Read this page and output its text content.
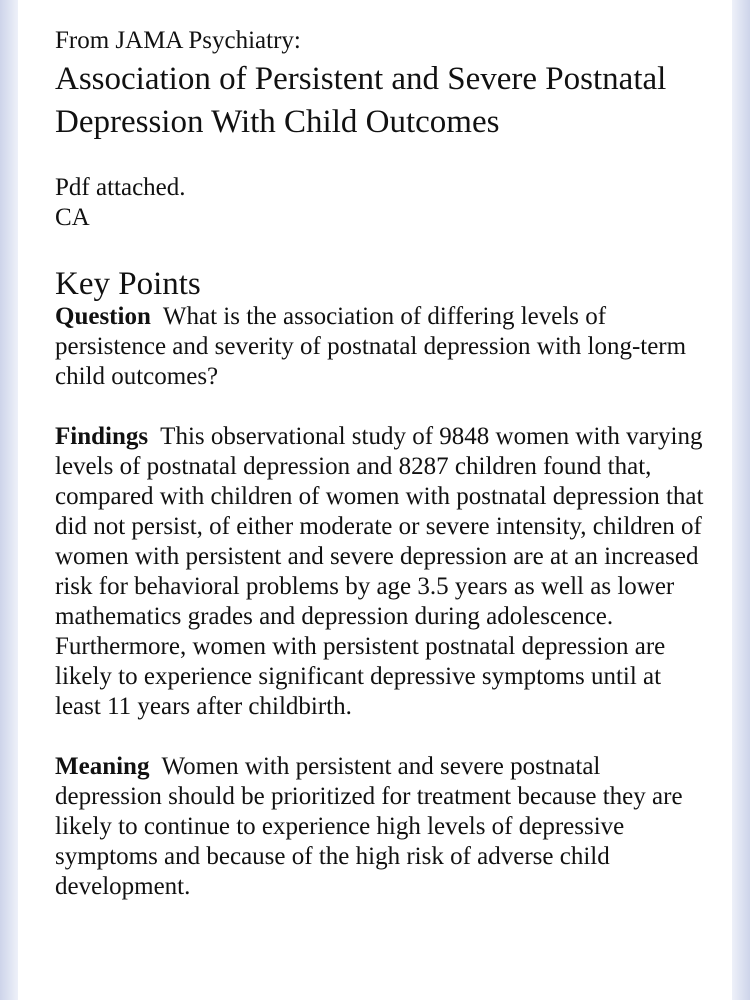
From JAMA Psychiatry:

Association of Persistent and Severe Postnatal Depression With Child Outcomes

Pdf attached.
CA

Key Points

Question What is the association of differing levels of persistence and severity of postnatal depression with long-term child outcomes?

Findings This observational study of 9848 women with varying levels of postnatal depression and 8287 children found that, compared with children of women with postnatal depression that did not persist, of either moderate or severe intensity, children of women with persistent and severe depression are at an increased risk for behavioral problems by age 3.5 years as well as lower mathematics grades and depression during adolescence. Furthermore, women with persistent postnatal depression are likely to experience significant depressive symptoms until at least 11 years after childbirth.

Meaning Women with persistent and severe postnatal depression should be prioritized for treatment because they are likely to continue to experience high levels of depressive symptoms and because of the high risk of adverse child development.
